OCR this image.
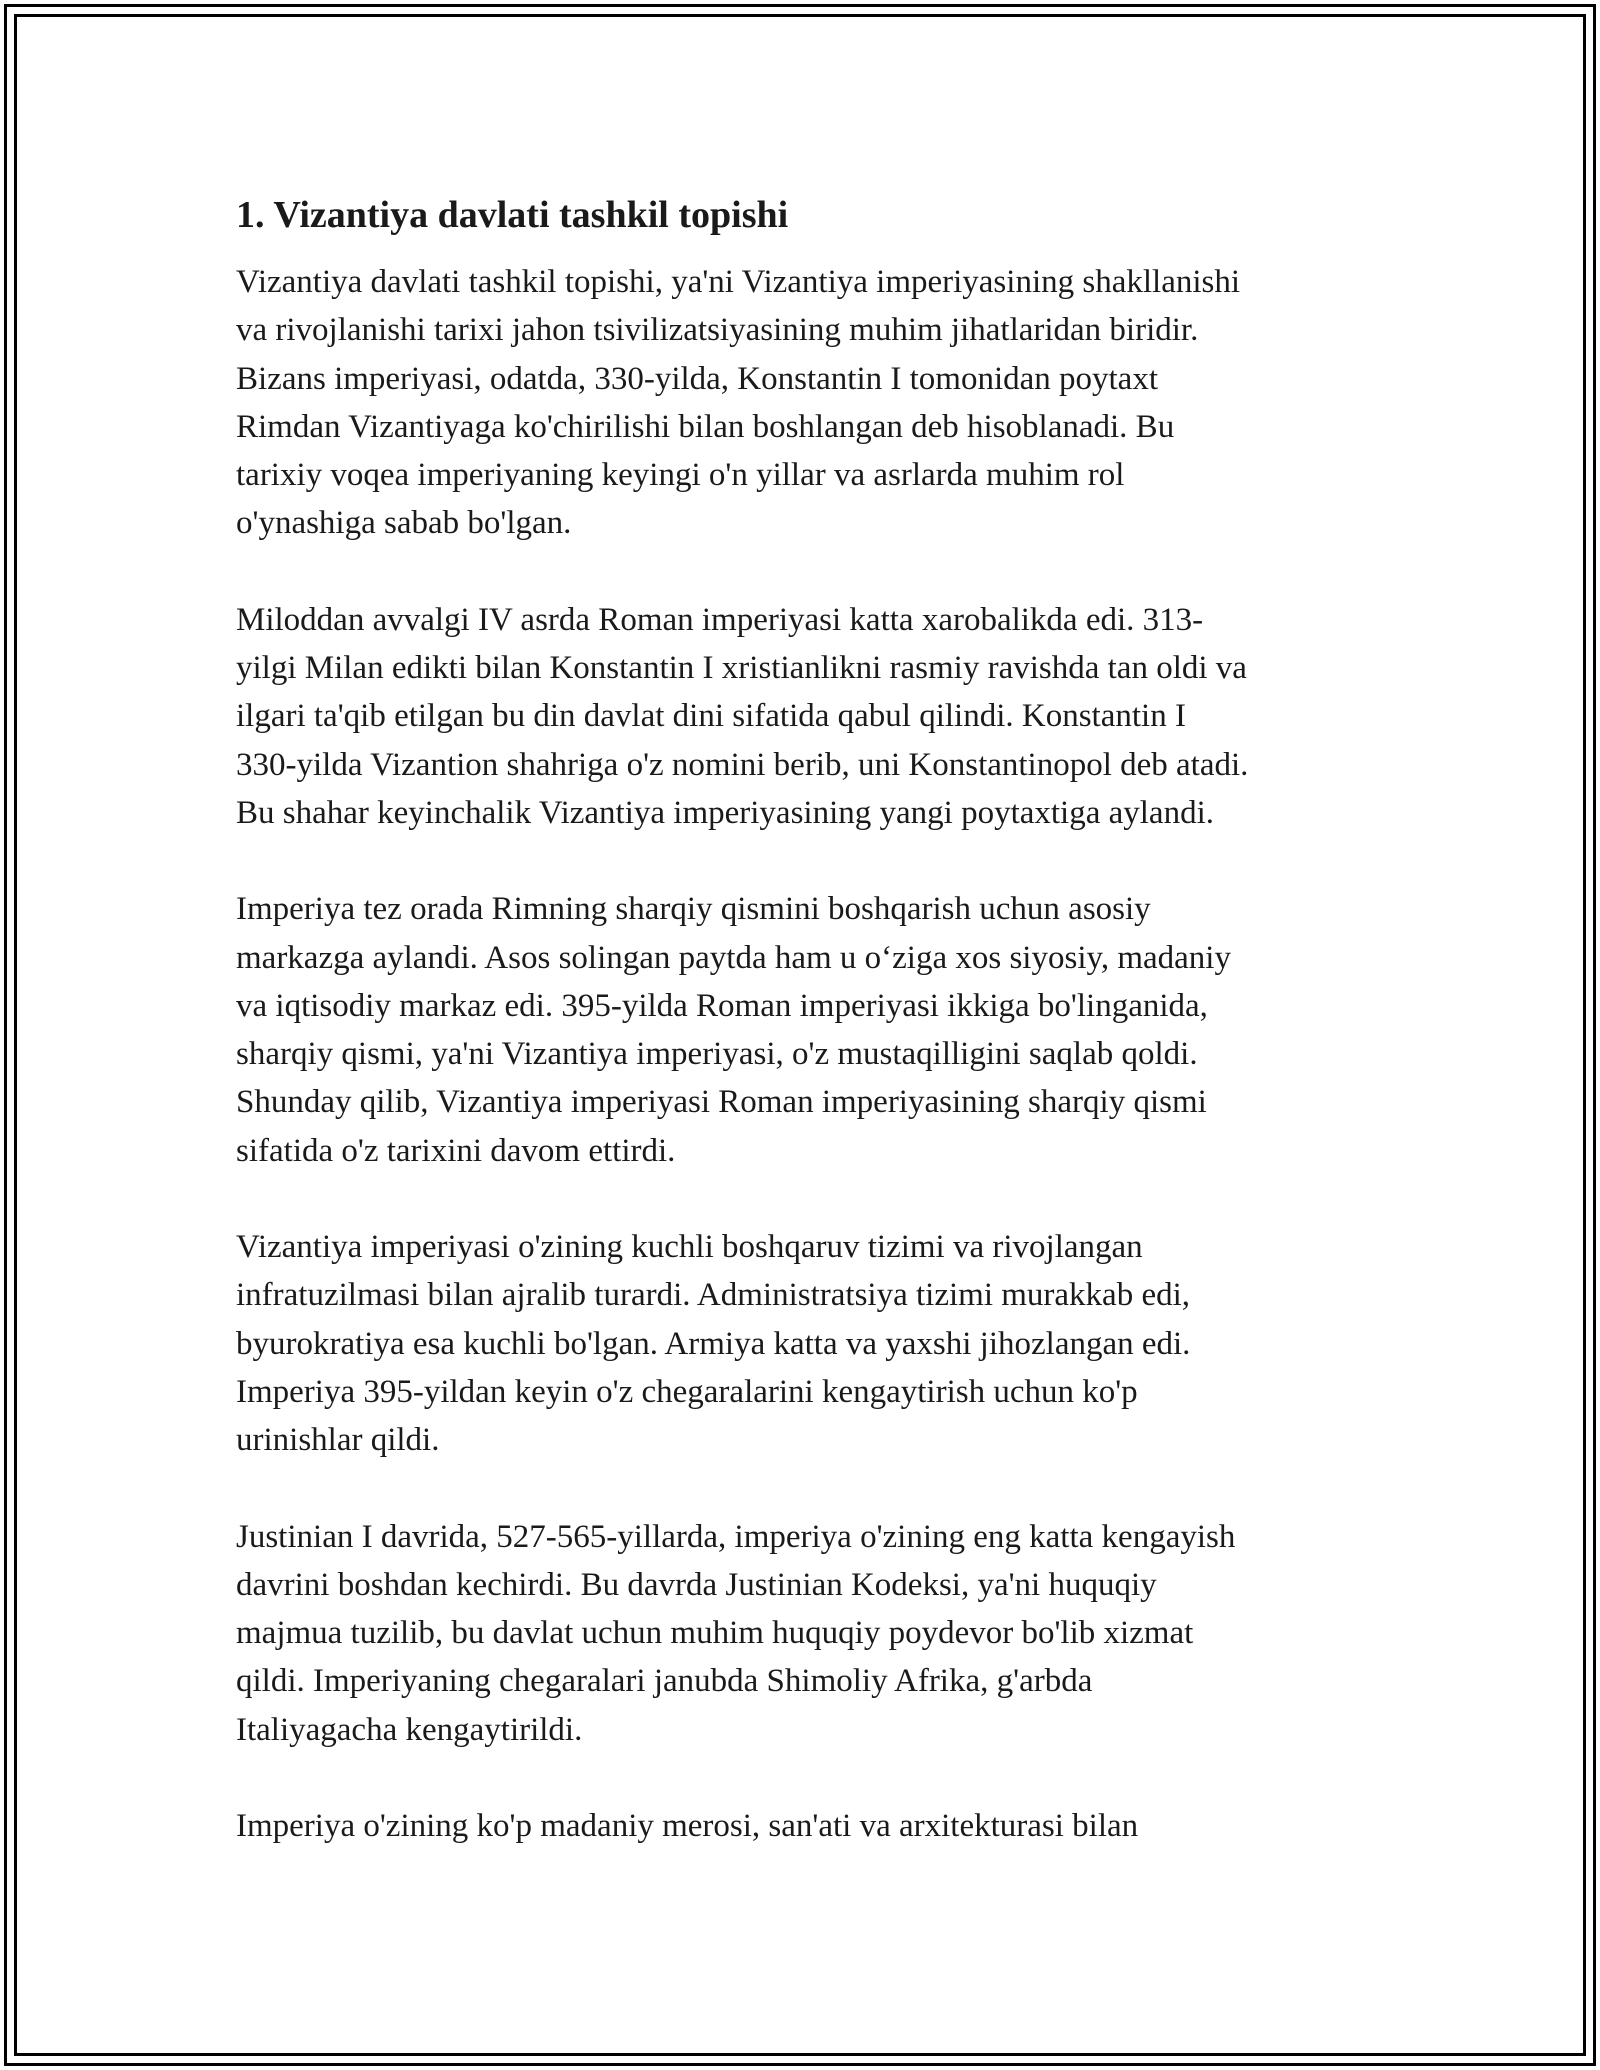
1. Vizantiya davlati tashkil topishi

Vizantiya davlati tashkil topishi, ya'ni Vizantiya imperiyasining shakllanishi
va rivojlanishi tarixi jahon tsivilizatsiyasining muhim jihatlaridan biridir.
Bizans imperiyasi, odatda, 330-yilda, Konstantin I tomonidan poytaxt
Rimdan Vizantiyaga ko'chirilishi bilan boshlangan deb hisoblanadi. Bu
tarixiy voqea imperiyaning keyingi o'n yillar va asrlarda muhim rol
o'ynashiga sabab bo'lgan.

Miloddan avvalgi IV asrda Roman imperiyasi katta xarobalikda edi. 313-
yilgi Milan edikti bilan Konstantin I xristianlikni rasmiy ravishda tan oldi va
ilgari ta'qib etilgan bu din davlat dini sifatida qabul qilindi. Konstantin I
330-yilda Vizantion shahriga o'z nomini berib, uni Konstantinopol deb atadi.
Bu shahar keyinchalik Vizantiya imperiyasining yangi poytaxtiga aylandi.

Imperiya tez orada Rimning sharqiy qismini boshqarish uchun asosiy
markazga aylandi. Asos solingan paytda ham u o‘ziga xos siyosiy, madaniy
va iqtisodiy markaz edi. 395-yilda Roman imperiyasi ikkiga bo'linganida,
sharqiy qismi, ya'ni Vizantiya imperiyasi, o'z mustaqilligini saqlab qoldi.
Shunday qilib, Vizantiya imperiyasi Roman imperiyasining sharqiy qismi
sifatida o'z tarixini davom ettirdi.

Vizantiya imperiyasi o'zining kuchli boshqaruv tizimi va rivojlangan
infratuzilmasi bilan ajralib turardi. Administratsiya tizimi murakkab edi,
byurokratiya esa kuchli bo'lgan. Armiya katta va yaxshi jihozlangan edi.
Imperiya 395-yildan keyin o'z chegaralarini kengaytirish uchun ko'p
urinishlar qildi.

Justinian I davrida, 527-565-yillarda, imperiya o'zining eng katta kengayish
davrini boshdan kechirdi. Bu davrda Justinian Kodeksi, ya'ni huquqiy
majmua tuzilib, bu davlat uchun muhim huquqiy poydevor bo'lib xizmat
qildi. Imperiyaning chegaralari janubda Shimoliy Afrika, g'arbda
Italiyagacha kengaytirildi.

Imperiya o'zining ko'p madaniy merosi, san'ati va arxitekturasi bilan
